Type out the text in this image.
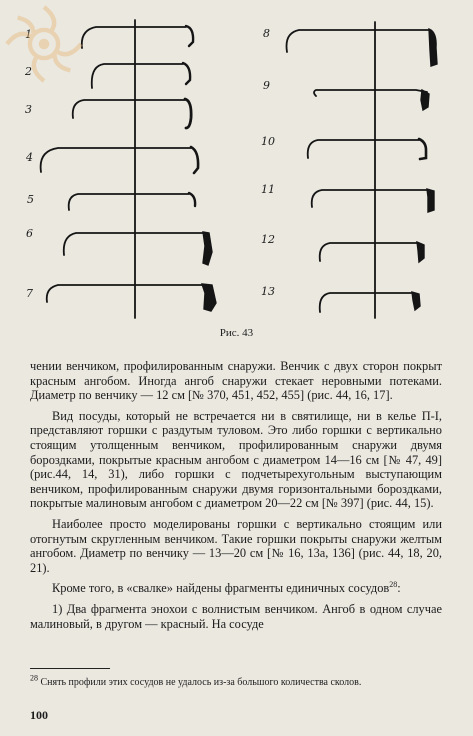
1
2
3
4
5
6
7
8
9
10
11
12
13
Рис. 43

чении венчиком, профилированным снаружи. Венчик с двух сторон покрыт красным ангобом. Иногда ангоб снаружи стекает неровными потеками. Диаметр по венчику — 12 см [№ 370, 451, 452, 455] (рис. 44, 16, 17].

Вид посуды, который не встречается ни в святилище, ни в келье П-I, представляют горшки с раздутым туловом. Это либо горшки с вертикально стоящим утолщенным венчиком, профилированным снаружи двумя бороздками, покрытые красным ангобом с диаметром 14—16 см [№ 47, 49] (рис.44, 14, 31), либо горшки с подчетырехугольным выступающим венчиком, профилированным снаружи двумя горизонтальными бороздками, покрытые малиновым ангобом с диаметром 20—22 см [№ 397] (рис. 44, 15).

Наиболее просто моделированы горшки с вертикально стоящим или отогнутым скругленным венчиком. Такие горшки покрыты снаружи желтым ангобом. Диаметр по венчику — 13—20 см [№ 16, 13а, 136] (рис. 44, 18, 20, 21).

Кроме того, в «свалке» найдены фрагменты единичных сосудов$^{28}$:

1) Два фрагмента энохои с волнистым венчиком. Ангоб в одном случае малиновый, в другом — красный. На сосуде

$^{28}$ Снять профили этих сосудов не удалось из-за большого количества сколов.
100
